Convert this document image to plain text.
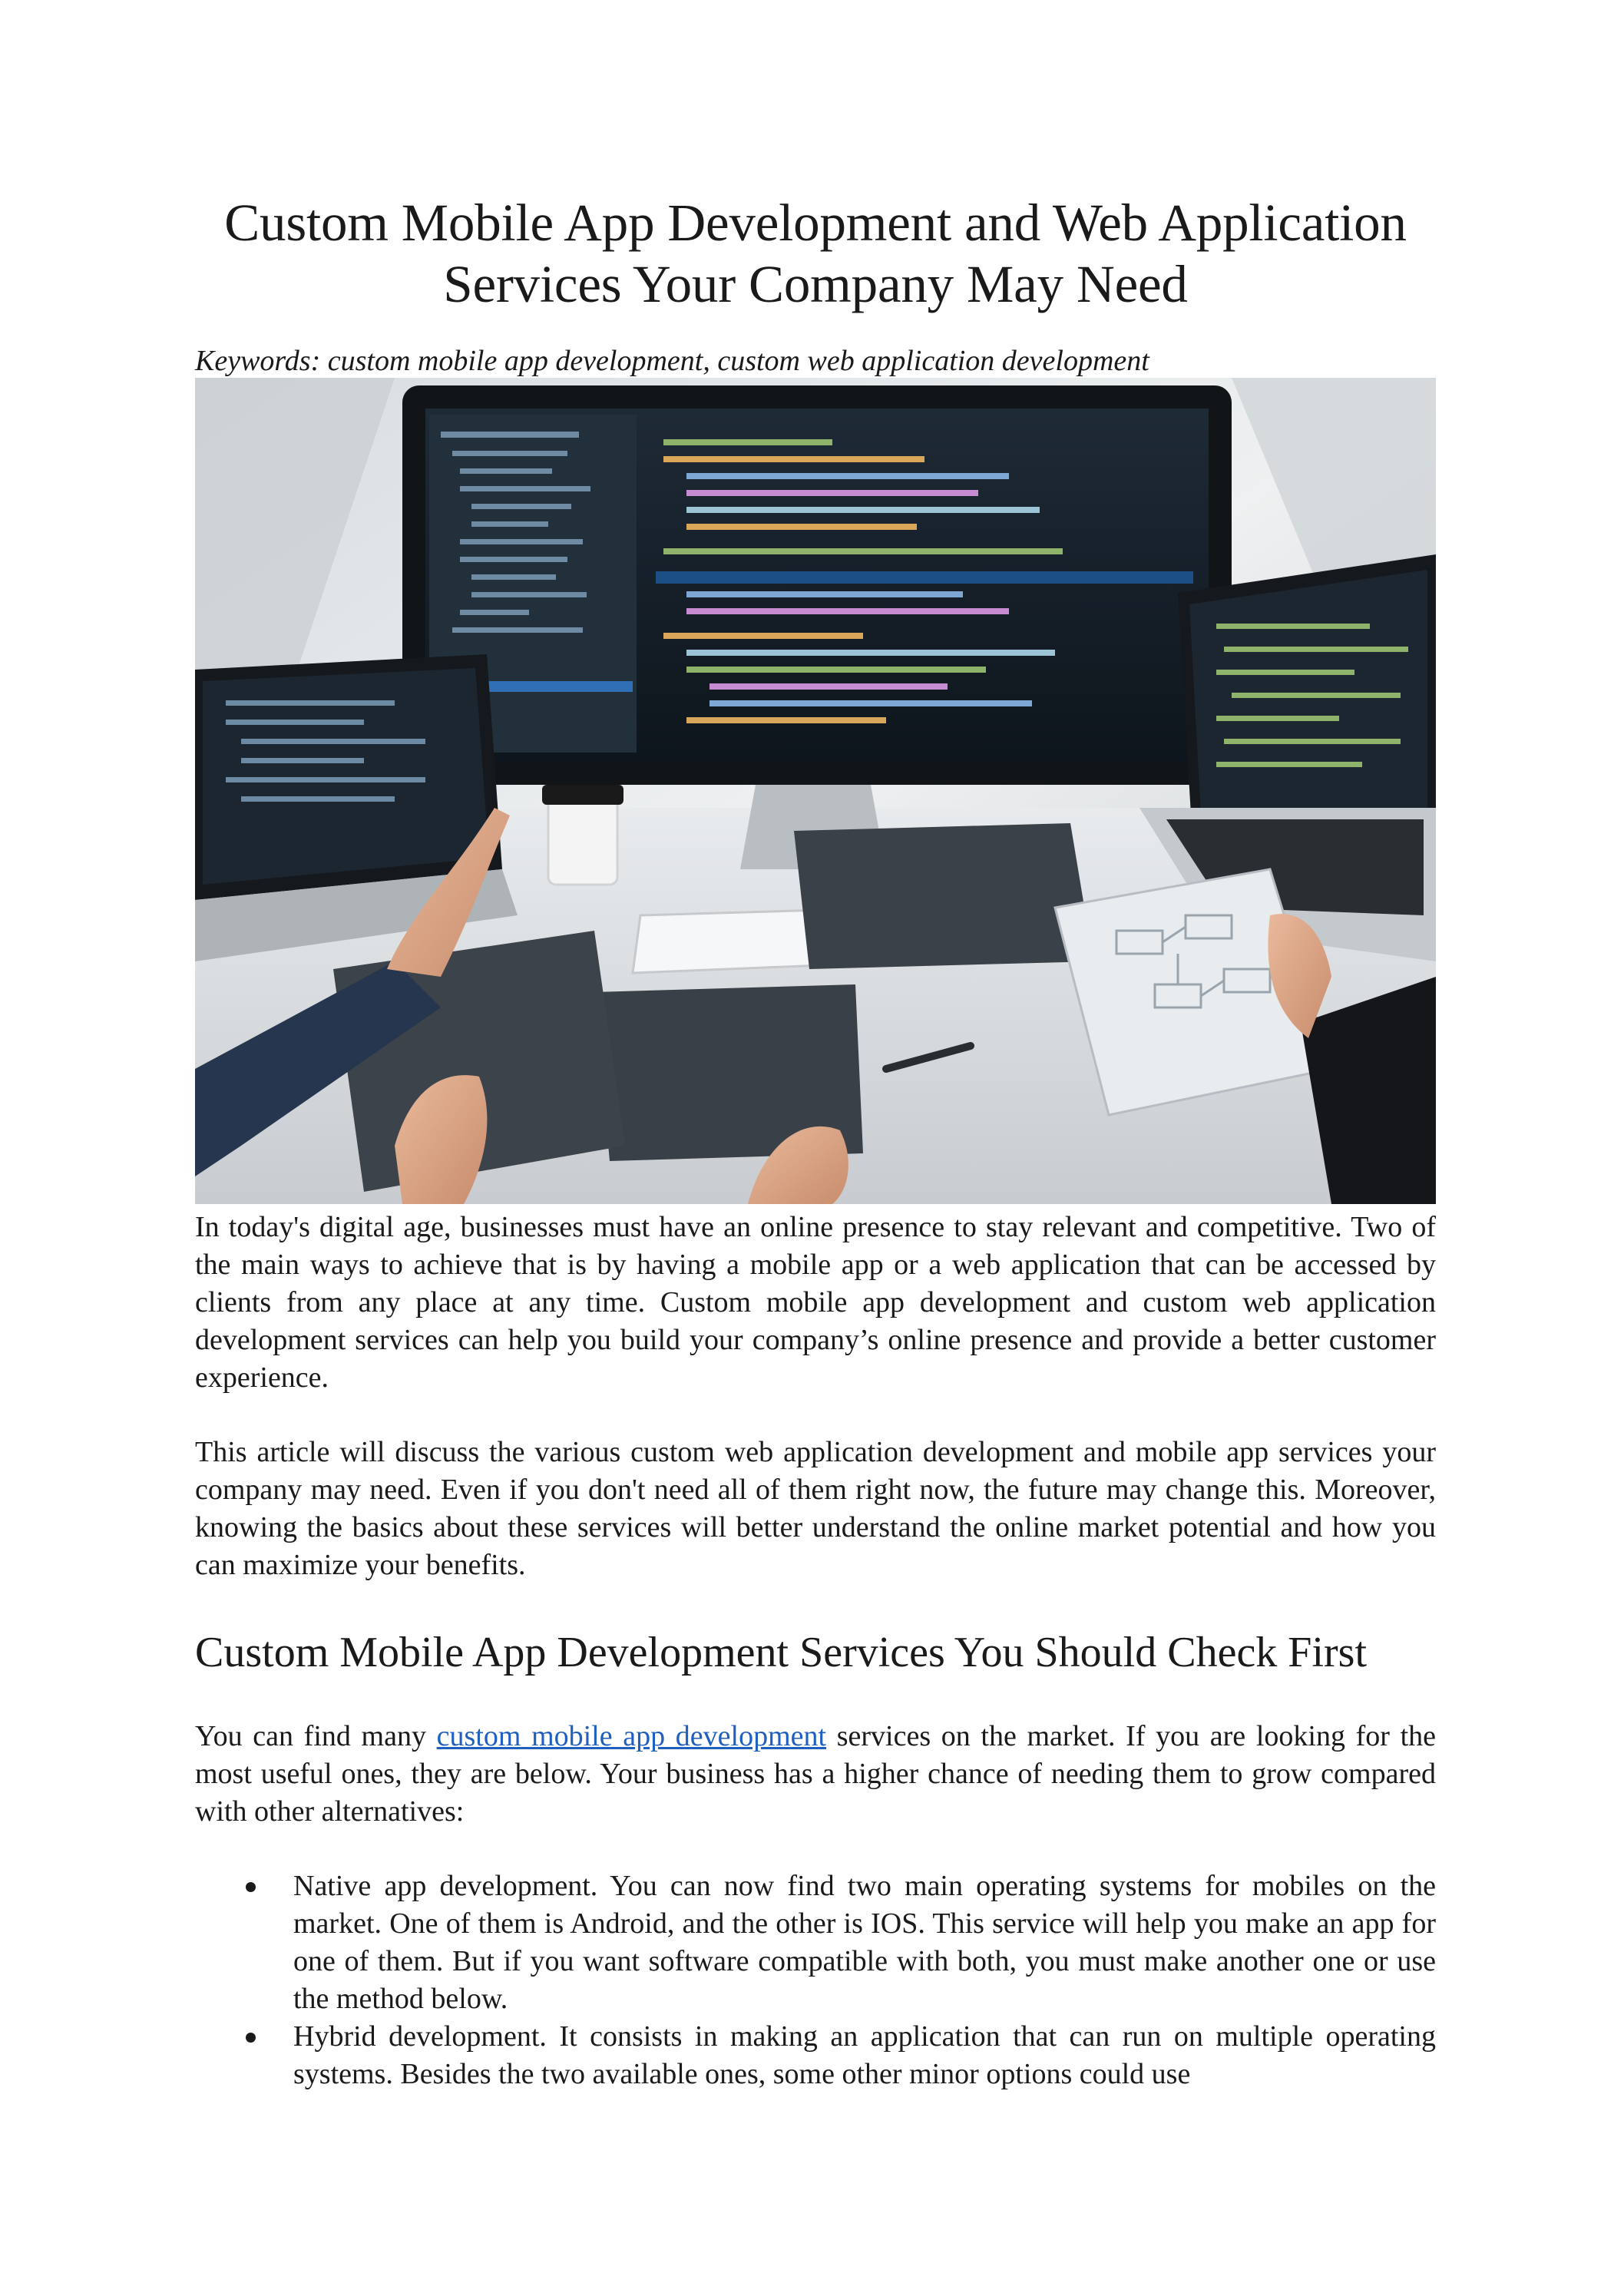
Custom Mobile App Development and Web Application Services Your Company May Need
Keywords: custom mobile app development, custom web application development

In today's digital age, businesses must have an online presence to stay relevant and competitive. Two of the main ways to achieve that is by having a mobile app or a web application that can be accessed by clients from any place at any time. Custom mobile app development and custom web application development services can help you build your company’s online presence and provide a better customer experience.

This article will discuss the various custom web application development and mobile app services your company may need. Even if you don't need all of them right now, the future may change this. Moreover, knowing the basics about these services will better understand the online market potential and how you can maximize your benefits.

Custom Mobile App Development Services You Should Check First

You can find many custom mobile app development services on the market. If you are looking for the most useful ones, they are below. Your business has a higher chance of needing them to grow compared with other alternatives:

Native app development. You can now find two main operating systems for mobiles on the market. One of them is Android, and the other is IOS. This service will help you make an app for one of them. But if you want software compatible with both, you must make another one or use the method below.
Hybrid development. It consists in making an application that can run on multiple operating systems. Besides the two available ones, some other minor options could use
